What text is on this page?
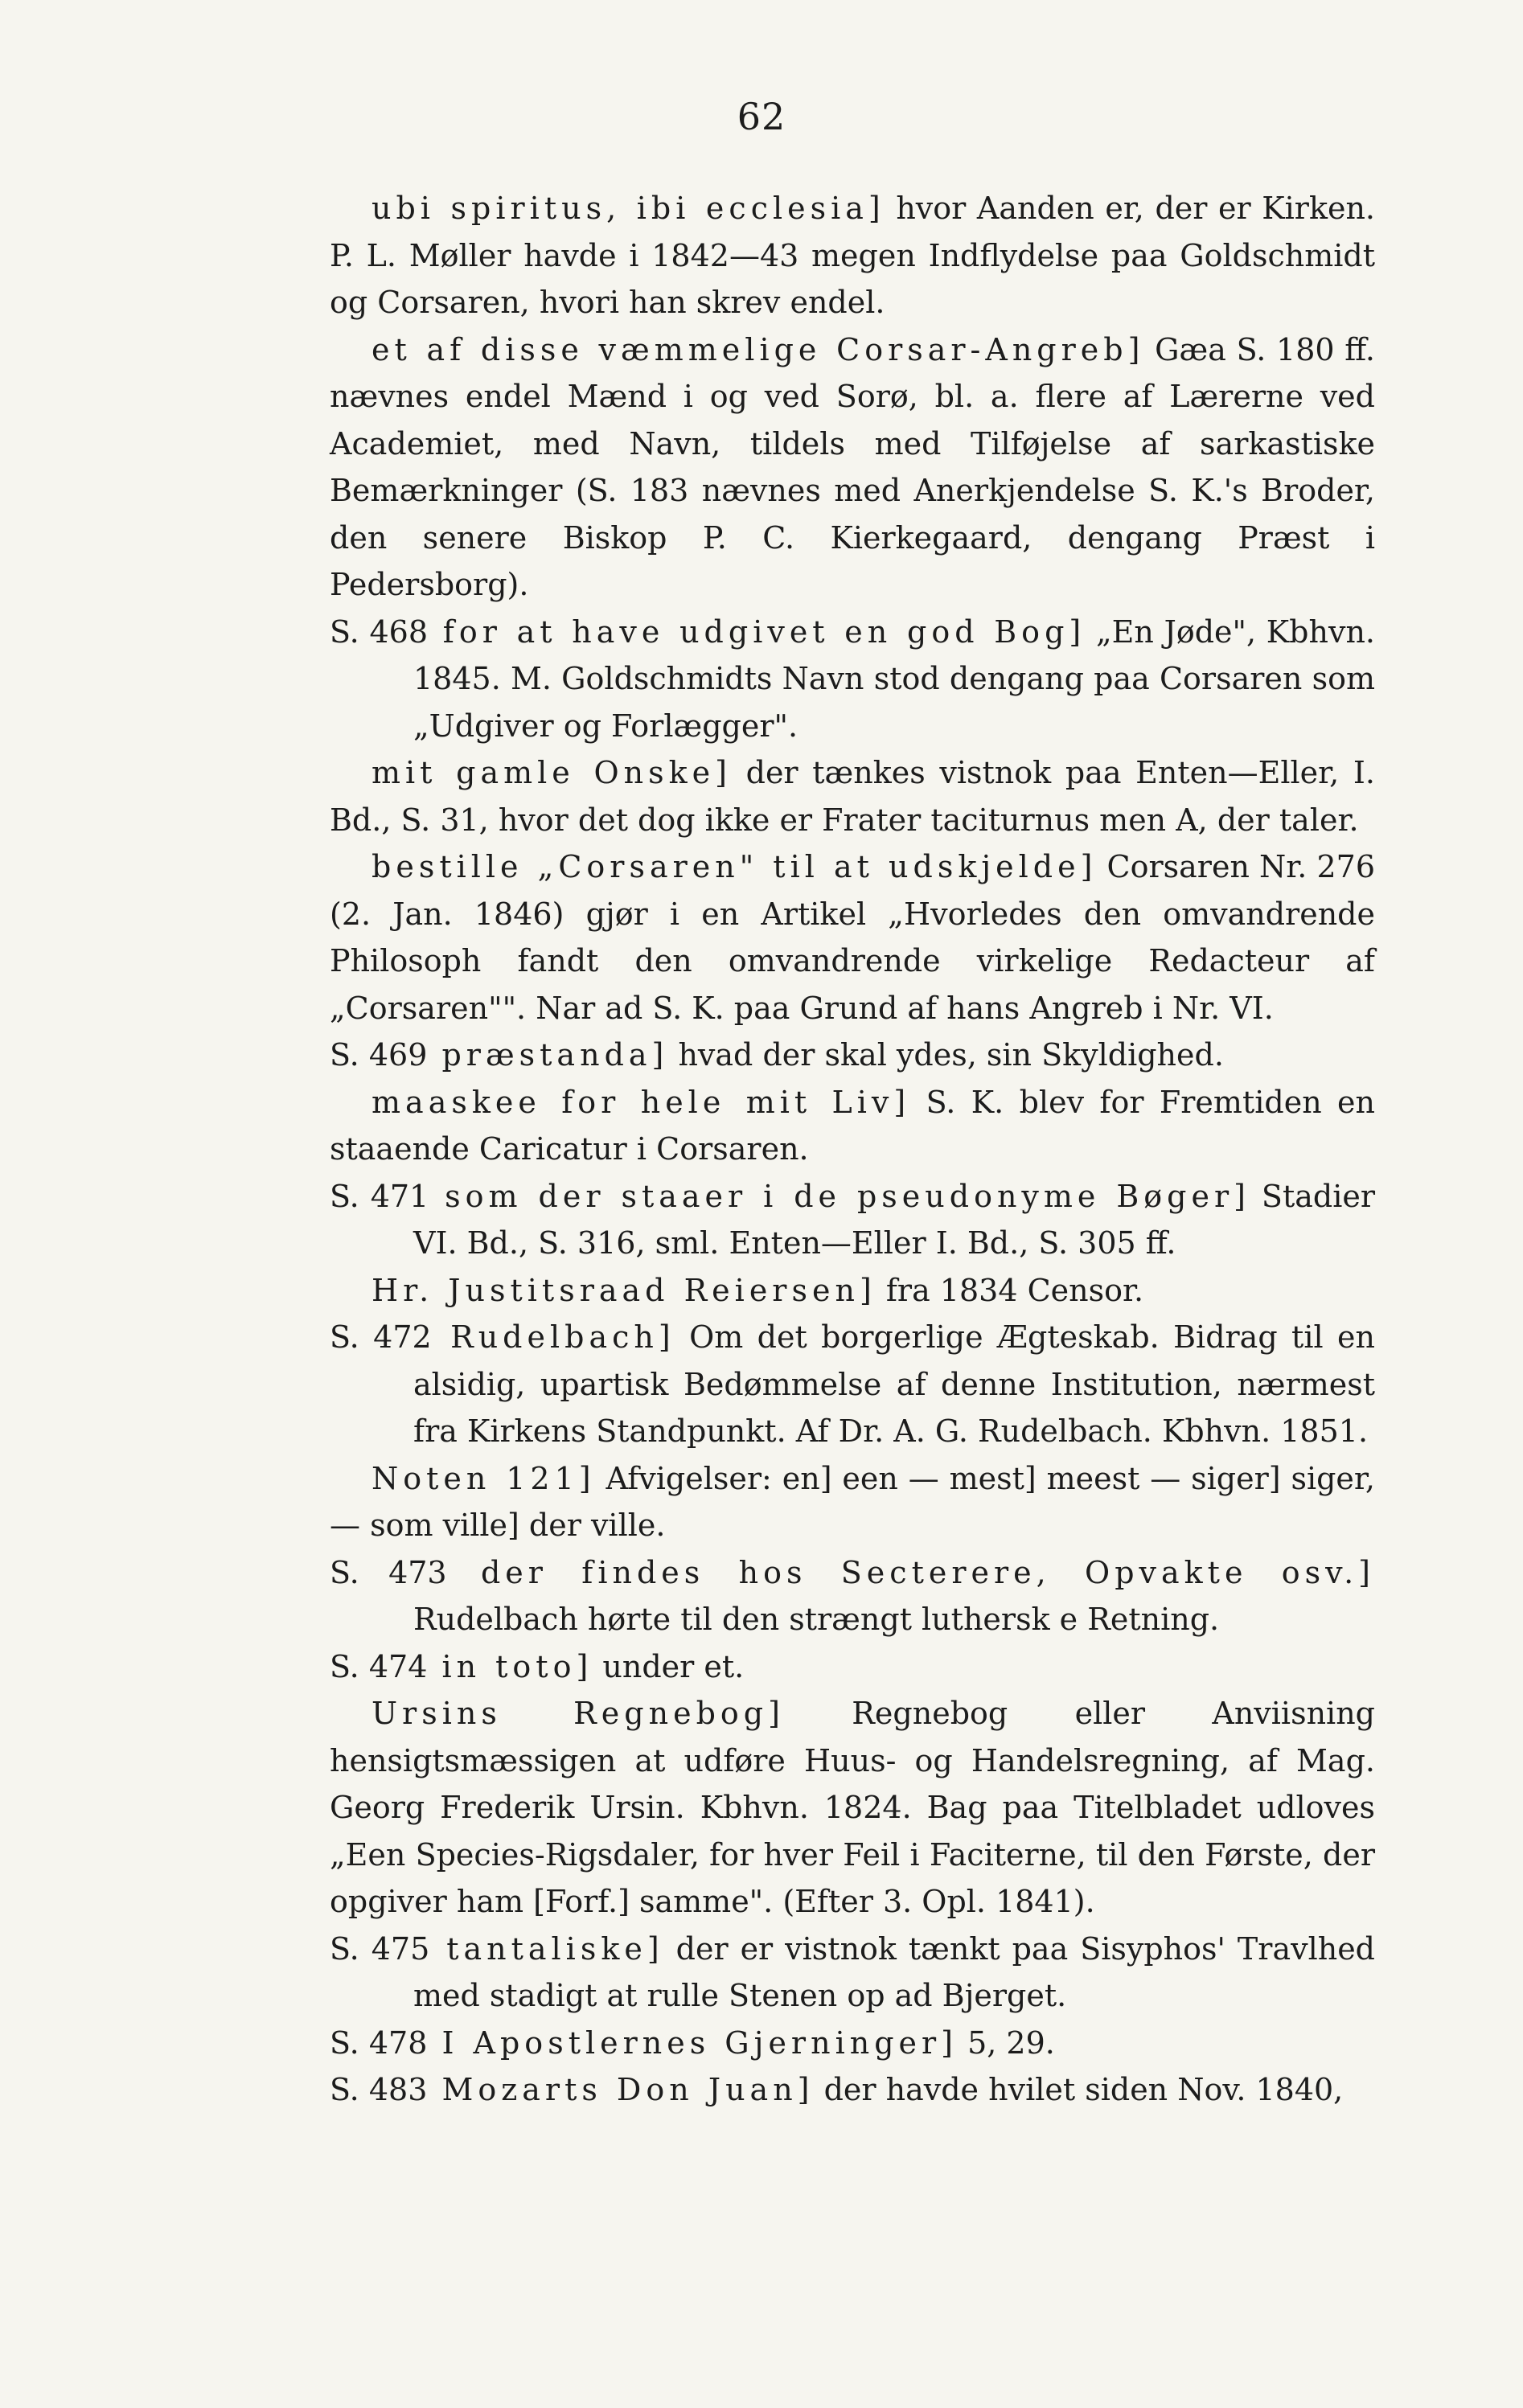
62

ubi spiritus, ibi ecclesia] hvor Aanden er, der er Kirken. P. L. Møller havde i 1842—43 megen Indflydelse paa Goldschmidt og Corsaren, hvori han skrev endel.

et af disse væmmelige Corsar-Angreb] Gæa S. 180 ff. nævnes endel Mænd i og ved Sorø, bl. a. flere af Lærerne ved Academiet, med Navn, tildels med Tilføjelse af sarkastiske Bemærkninger (S. 183 nævnes med Anerkjendelse S. K.'s Broder, den senere Biskop P. C. Kierkegaard, dengang Præst i Pedersborg).

S. 468 for at have udgivet en god Bog] „En Jøde", Kbhvn. 1845. M. Goldschmidts Navn stod dengang paa Corsaren som „Udgiver og Forlægger".

mit gamle Onske] der tænkes vistnok paa Enten—Eller, I. Bd., S. 31, hvor det dog ikke er Frater taciturnus men A, der taler.

bestille „Corsaren" til at udskjelde] Corsaren Nr. 276 (2. Jan. 1846) gjør i en Artikel „Hvorledes den omvandrende Philosoph fandt den omvandrende virkelige Redacteur af „Corsaren"". Nar ad S. K. paa Grund af hans Angreb i Nr. VI.

S. 469 præstanda] hvad der skal ydes, sin Skyldighed.

maaskee for hele mit Liv] S. K. blev for Fremtiden en staaende Caricatur i Corsaren.

S. 471 som der staaer i de pseudonyme Bøger] Stadier VI. Bd., S. 316, sml. Enten—Eller I. Bd., S. 305 ff.

Hr. Justitsraad Reiersen] fra 1834 Censor.

S. 472 Rudelbach] Om det borgerlige Ægteskab. Bidrag til en alsidig, upartisk Bedømmelse af denne Institution, nærmest fra Kirkens Standpunkt. Af Dr. A. G. Rudelbach. Kbhvn. 1851.

Noten 121] Afvigelser: en] een — mest] meest — siger] siger, — som ville] der ville.

S. 473 der findes hos Secterere, Opvakte osv.] Rudelbach hørte til den strængt luthersk e Retning.

S. 474 in toto] under et.

Ursins Regnebog] Regnebog eller Anviisning hensigtsmæssigen at udføre Huus- og Handelsregning, af Mag. Georg Frederik Ursin. Kbhvn. 1824. Bag paa Titelbladet udloves „Een Species-Rigsdaler, for hver Feil i Faciterne, til den Første, der opgiver ham [Forf.] samme". (Efter 3. Opl. 1841).

S. 475 tantaliske] der er vistnok tænkt paa Sisyphos' Travlhed med stadigt at rulle Stenen op ad Bjerget.

S. 478 I Apostlernes Gjerninger] 5, 29.

S. 483 Mozarts Don Juan] der havde hvilet siden Nov. 1840,
